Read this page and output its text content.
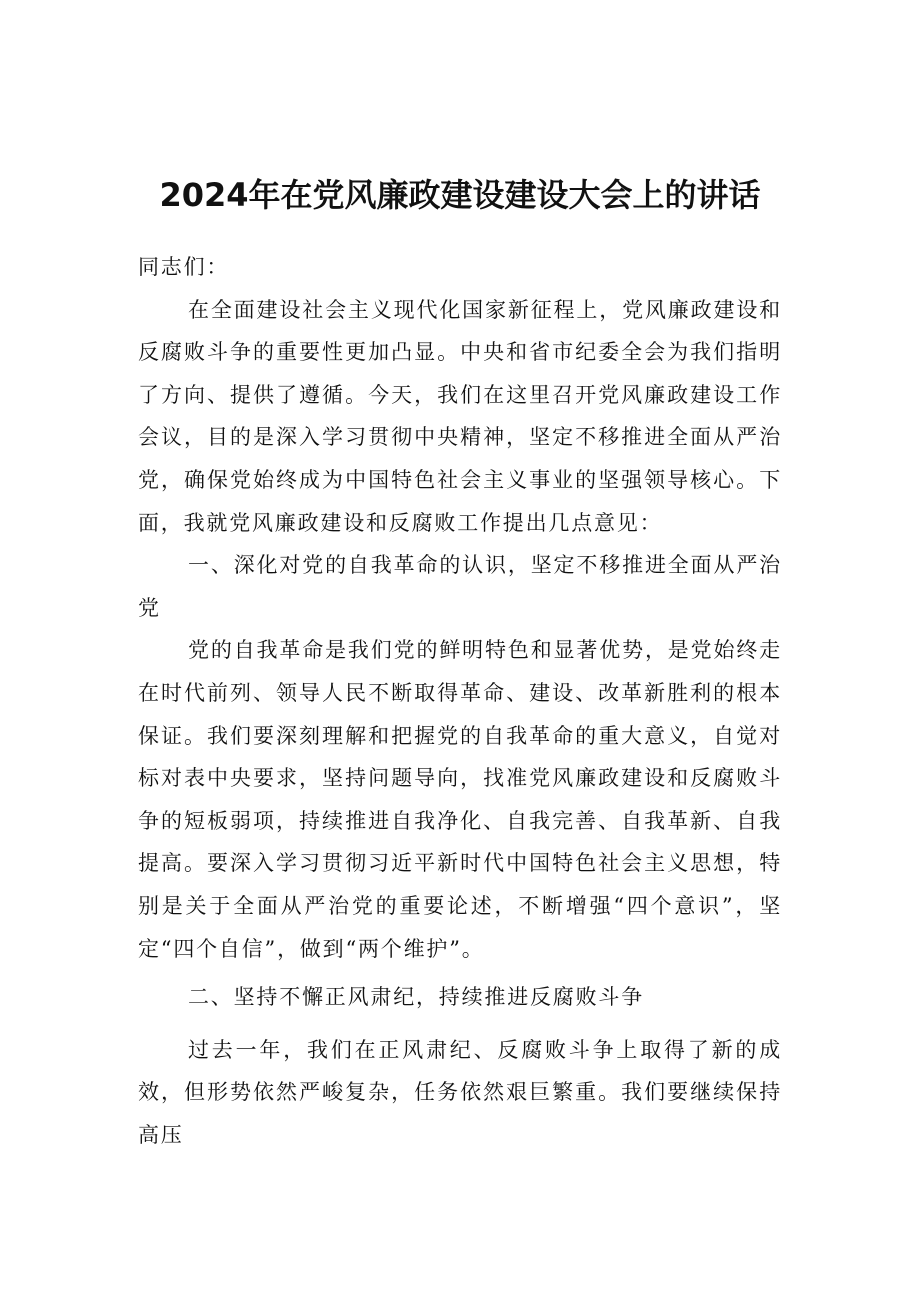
2024年在党风廉政建设建设大会上的讲话

同志们：

在全面建设社会主义现代化国家新征程上，党风廉政建设和反腐败斗争的重要性更加凸显。中央和省市纪委全会为我们指明了方向、提供了遵循。今天，我们在这里召开党风廉政建设工作会议，目的是深入学习贯彻中央精神，坚定不移推进全面从严治党，确保党始终成为中国特色社会主义事业的坚强领导核心。下面，我就党风廉政建设和反腐败工作提出几点意见：

一、深化对党的自我革命的认识，坚定不移推进全面从严治党

党的自我革命是我们党的鲜明特色和显著优势，是党始终走在时代前列、领导人民不断取得革命、建设、改革新胜利的根本保证。我们要深刻理解和把握党的自我革命的重大意义，自觉对标对表中央要求，坚持问题导向，找准党风廉政建设和反腐败斗争的短板弱项，持续推进自我净化、自我完善、自我革新、自我提高。要深入学习贯彻习近平新时代中国特色社会主义思想，特别是关于全面从严治党的重要论述，不断增强“四个意识”，坚定“四个自信”，做到“两个维护”。

二、坚持不懈正风肃纪，持续推进反腐败斗争

过去一年，我们在正风肃纪、反腐败斗争上取得了新的成效，但形势依然严峻复杂，任务依然艰巨繁重。我们要继续保持高压
